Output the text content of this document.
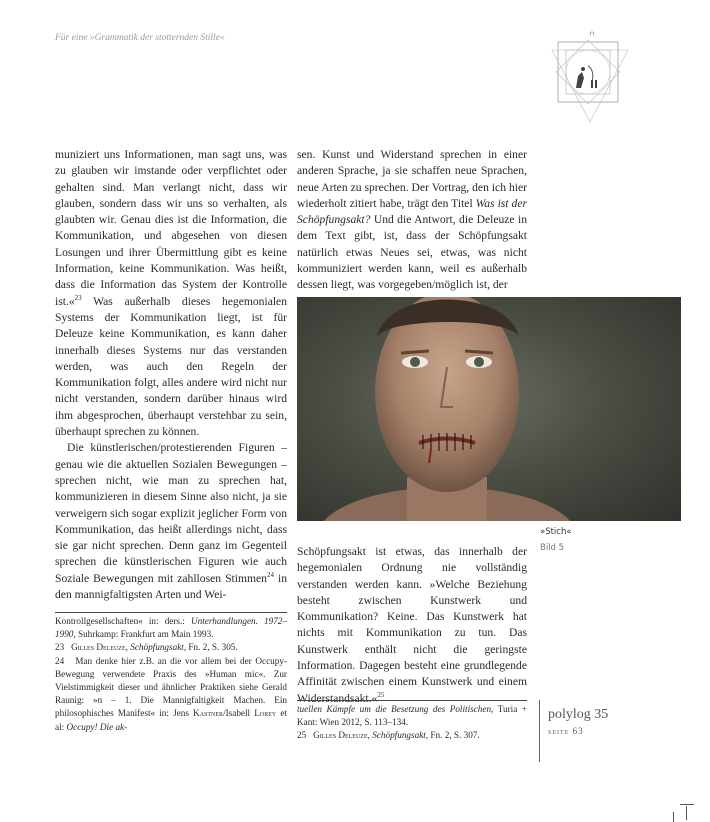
Für eine »Grammatik der stotternden Stille«	∩

muniziert uns Informationen, man sagt uns, was zu glauben wir imstande oder verpflichtet oder gehalten sind. Man verlangt nicht, dass wir glauben, sondern dass wir uns so verhalten, als glaubten wir. Genau dies ist die Information, die Kommunikation, und abgesehen von diesen Losungen und ihrer Übermittlung gibt es keine Information, keine Kommunikation. Was heißt, dass die Information das System der Kontrolle ist.«$^{23}$ Was außerhalb dieses hegemonialen Systems der Kommunikation liegt, ist für Deleuze keine Kommunikation, es kann daher innerhalb dieses Systems nur das verstanden werden, was auch den Regeln der Kommunikation folgt, alles andere wird nicht nur nicht verstanden, sondern darüber hinaus wird ihm abgesprochen, überhaupt verstehbar zu sein, überhaupt sprechen zu können.

Die künstlerischen/protestierenden Figuren – genau wie die aktuellen Sozialen Bewegungen – sprechen nicht, wie man zu sprechen hat, kommunizieren in diesem Sinne also nicht, ja sie verweigern sich sogar explizit jeglicher Form von Kommunikation, das heißt allerdings nicht, dass sie gar nicht sprechen. Denn ganz im Gegenteil sprechen die künstlerischen Figuren wie auch Soziale Bewegungen mit zahllosen Stimmen$^{24}$ in den mannigfaltigsten Arten und Wei-

sen. Kunst und Widerstand sprechen in einer anderen Sprache, ja sie schaffen neue Sprachen, neue Arten zu sprechen. Der Vortrag, den ich hier wiederholt zitiert habe, trägt den Titel Was ist der Schöpfungsakt? Und die Antwort, die Deleuze in dem Text gibt, ist, dass der Schöpfungsakt natürlich etwas Neues sei, etwas, was nicht kommuniziert werden kann, weil es außerhalb dessen liegt, was vorgegeben/möglich ist, der

»Stich«
Bild 5

Schöpfungsakt ist etwas, das innerhalb der hegemonialen Ordnung nie vollständig verstanden werden kann. »Welche Beziehung besteht zwischen Kunstwerk und Kommunikation? Keine. Das Kunstwerk hat nichts mit Kommunikation zu tun. Das Kunstwerk enthält nicht die geringste Information. Dagegen besteht eine grundlegende Affinität zwischen einem Kunstwerk und einem Widerstandsakt.«$^{25}$

Kontrollgesellschaften« in: ders.: Unterhandlungen. 1972–1990, Suhrkamp: Frankfurt am Main 1993.

23 Gilles Deleuze, Schöpfungsakt, Fn. 2, S. 305.

24 Man denke hier z.B. an die vor allem bei der Occupy-Bewegung verwendete Praxis des »Human mic«. Zur Vielstimmigkeit dieser und ähnlicher Praktiken siehe Gerald Raunig: »n – 1. Die Mannigfaltigkeit Machen. Ein philosophisches Manifest« in: Jens Kastner/Isabell Lorey et al: Occupy! Die ak-

tuellen Kämpfe um die Besetzung des Politischen, Turia + Kant: Wien 2012, S. 113–134.

25 Gilles Deleuze, Schöpfungsakt, Fn. 2, S. 307.

polylog 35
seite 63
